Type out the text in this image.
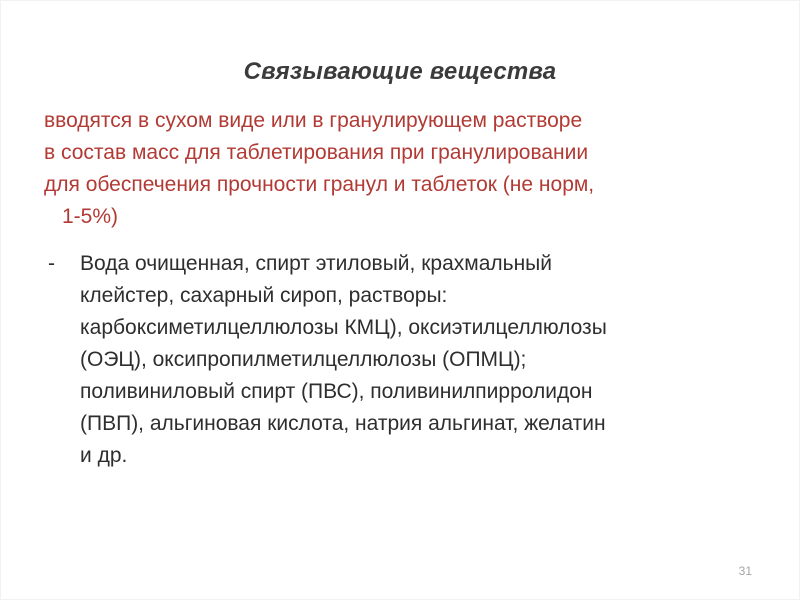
Связывающие вещества
вводятся в сухом виде или в гранулирующем растворе
в состав масс для таблетирования при гранулировании
для обеспечения прочности гранул и таблеток (не норм,
1-5%)
-	Вода очищенная, спирт этиловый, крахмальный
клейстер, сахарный сироп, растворы:
карбоксиметилцеллюлозы КМЦ), оксиэтилцеллюлозы
(ОЭЦ), оксипропилметилцеллюлозы (ОПМЦ);
поливиниловый спирт (ПВС), поливинилпирролидон
(ПВП), альгиновая кислота, натрия альгинат, желатин
и др.
31
